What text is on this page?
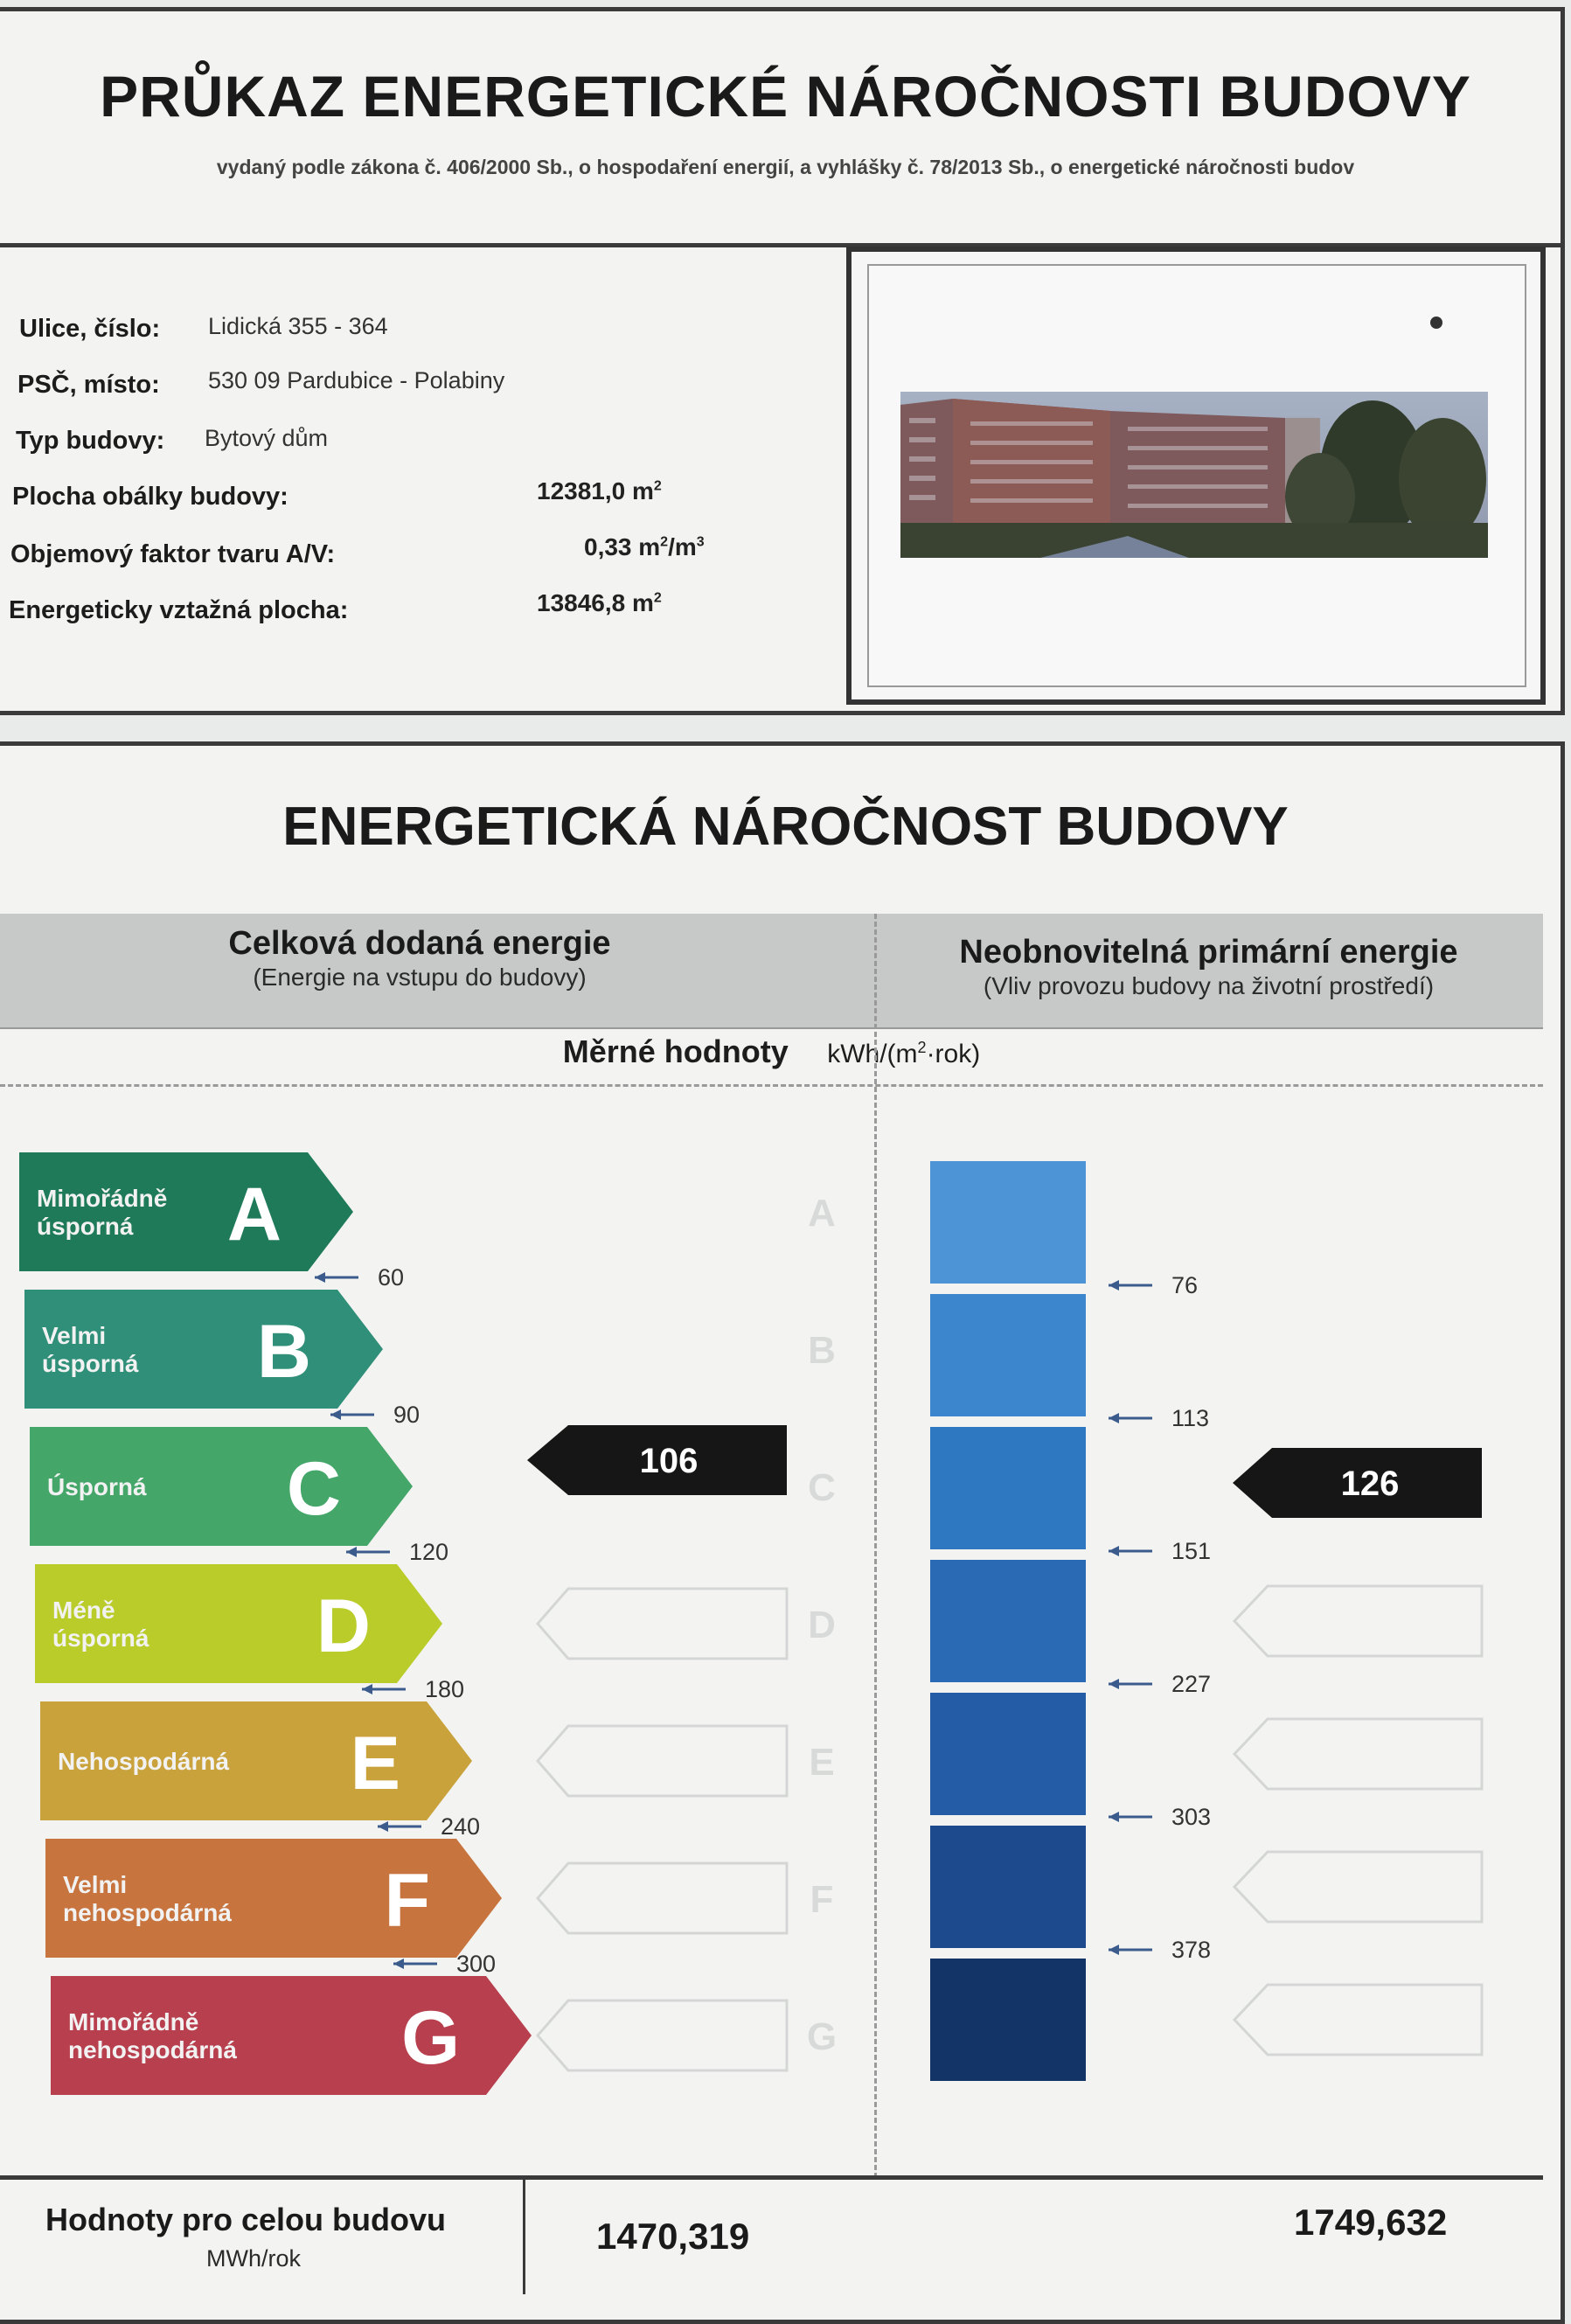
PRŮKAZ ENERGETICKÉ NÁROČNOSTI BUDOVY
vydaný podle zákona č. 406/2000 Sb., o hospodaření energií, a vyhlášky č. 78/2013 Sb., o energetické náročnosti budov
Ulice, číslo: Lidická 355 - 364
PSČ, místo: 530 09 Pardubice - Polabiny
Typ budovy: Bytový dům
Plocha obálky budovy:	12381,0 $m^2$
Objemový faktor tvaru A/V:	0,33 $m^2/m^3$
Energeticky vztažná plocha:	13846,8 $m^2$
ENERGETICKÁ NÁROČNOST BUDOVY
Celková dodaná energie
(Energie na vstupu do budovy)
Neobnovitelná primární energie
(Vliv provozu budovy na životní prostředí)
Měrné hodnoty kWh/$(m^2\cdot rok)$
Mimořádně
úsporná A
Velmi
úsporná B
Úsporná C
Méně
úsporná D
Nehospodárná E
Velmi
nehospodárná F
Mimořádně
nehospodárná G
60
90
120
180
240
300
A
B
C
D
E
F
G
106
76
113
151
227
303
378
126
Hodnoty pro celou budovu
MWh/rok
1470,319	1749,632
